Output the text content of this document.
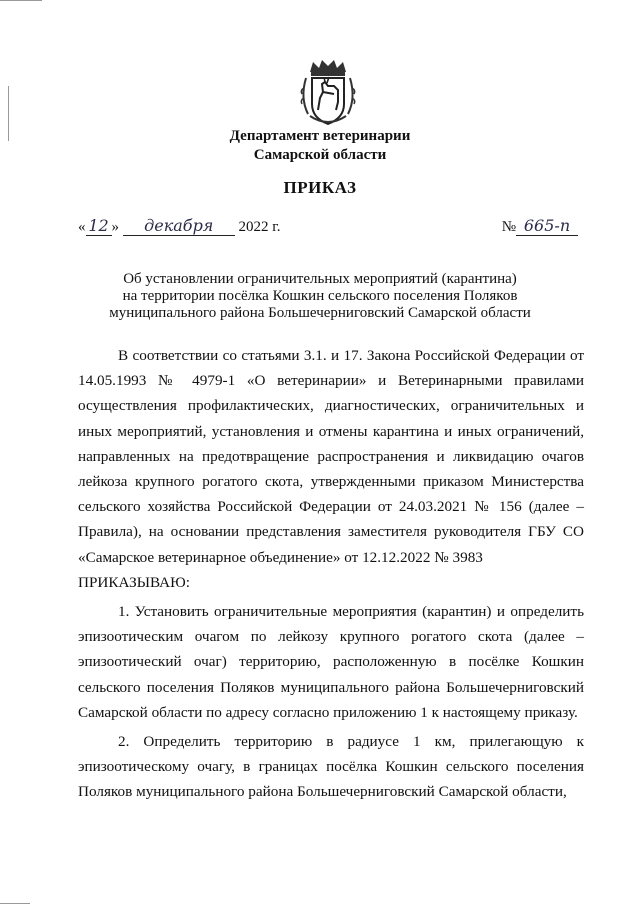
Департамент ветеринарии
Самарской области
ПРИКАЗ
« 12 » декабря 2022 г.	№ 665-п
Об установлении ограничительных мероприятий (карантина)
на территории посёлка Кошкин сельского поселения Поляков
муниципального района Большечерниговский Самарской области

В соответствии со статьями 3.1. и 17. Закона Российской Федерации от 14.05.1993 № 4979-1 «О ветеринарии» и Ветеринарными правилами осуществления профилактических, диагностических, ограничительных и иных мероприятий, установления и отмены карантина и иных ограничений, направленных на предотвращение распространения и ликвидацию очагов лейкоза крупного рогатого скота, утвержденными приказом Министерства сельского хозяйства Российской Федерации от 24.03.2021 № 156 (далее – Правила), на основании представления заместителя руководителя ГБУ СО «Самарское ветеринарное объединение» от 12.12.2022 № 3983

ПРИКАЗЫВАЮ:

1. Установить ограничительные мероприятия (карантин) и определить эпизоотическим очагом по лейкозу крупного рогатого скота (далее – эпизоотический очаг) территорию, расположенную в посёлке Кошкин сельского поселения Поляков муниципального района Большечерниговский Самарской области по адресу согласно приложению 1 к настоящему приказу.

2. Определить территорию в радиусе 1 км, прилегающую к эпизоотическому очагу, в границах посёлка Кошкин сельского поселения Поляков муниципального района Большечерниговский Самарской области,
